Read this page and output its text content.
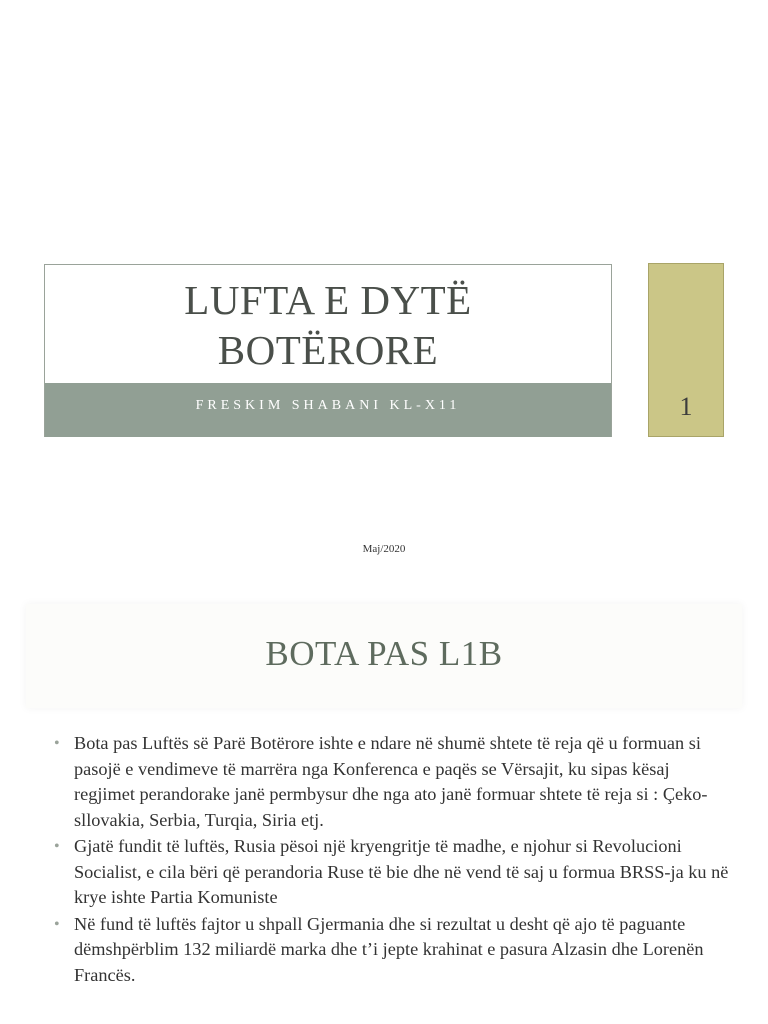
LUFTA E DYTË
BOTËRORE
FRESKIM SHABANI KL-X11	1
Maj/2020
BOTA PAS L1B
• Bota pas Luftës së Parë Botërore ishte e ndare në shumë shtete të reja që u formuan si pasojë e vendimeve të marrëra nga Konferenca e paqës se Vërsajit, ku sipas kësaj regjimet perandorake janë permbysur dhe nga ato janë formuar shtete të reja si : Çeko-sllovakia, Serbia, Turqia, Siria etj.
• Gjatë fundit të luftës, Rusia pësoi një kryengritje të madhe, e njohur si Revolucioni Socialist, e cila bëri që perandoria Ruse të bie dhe në vend të saj u formua BRSS-ja ku në krye ishte Partia Komuniste
• Në fund të luftës fajtor u shpall Gjermania dhe si rezultat u desht që ajo të paguante dëmshpërblim 132 miliardë marka dhe t’i jepte krahinat e pasura Alzasin dhe Lorenën Francës.
